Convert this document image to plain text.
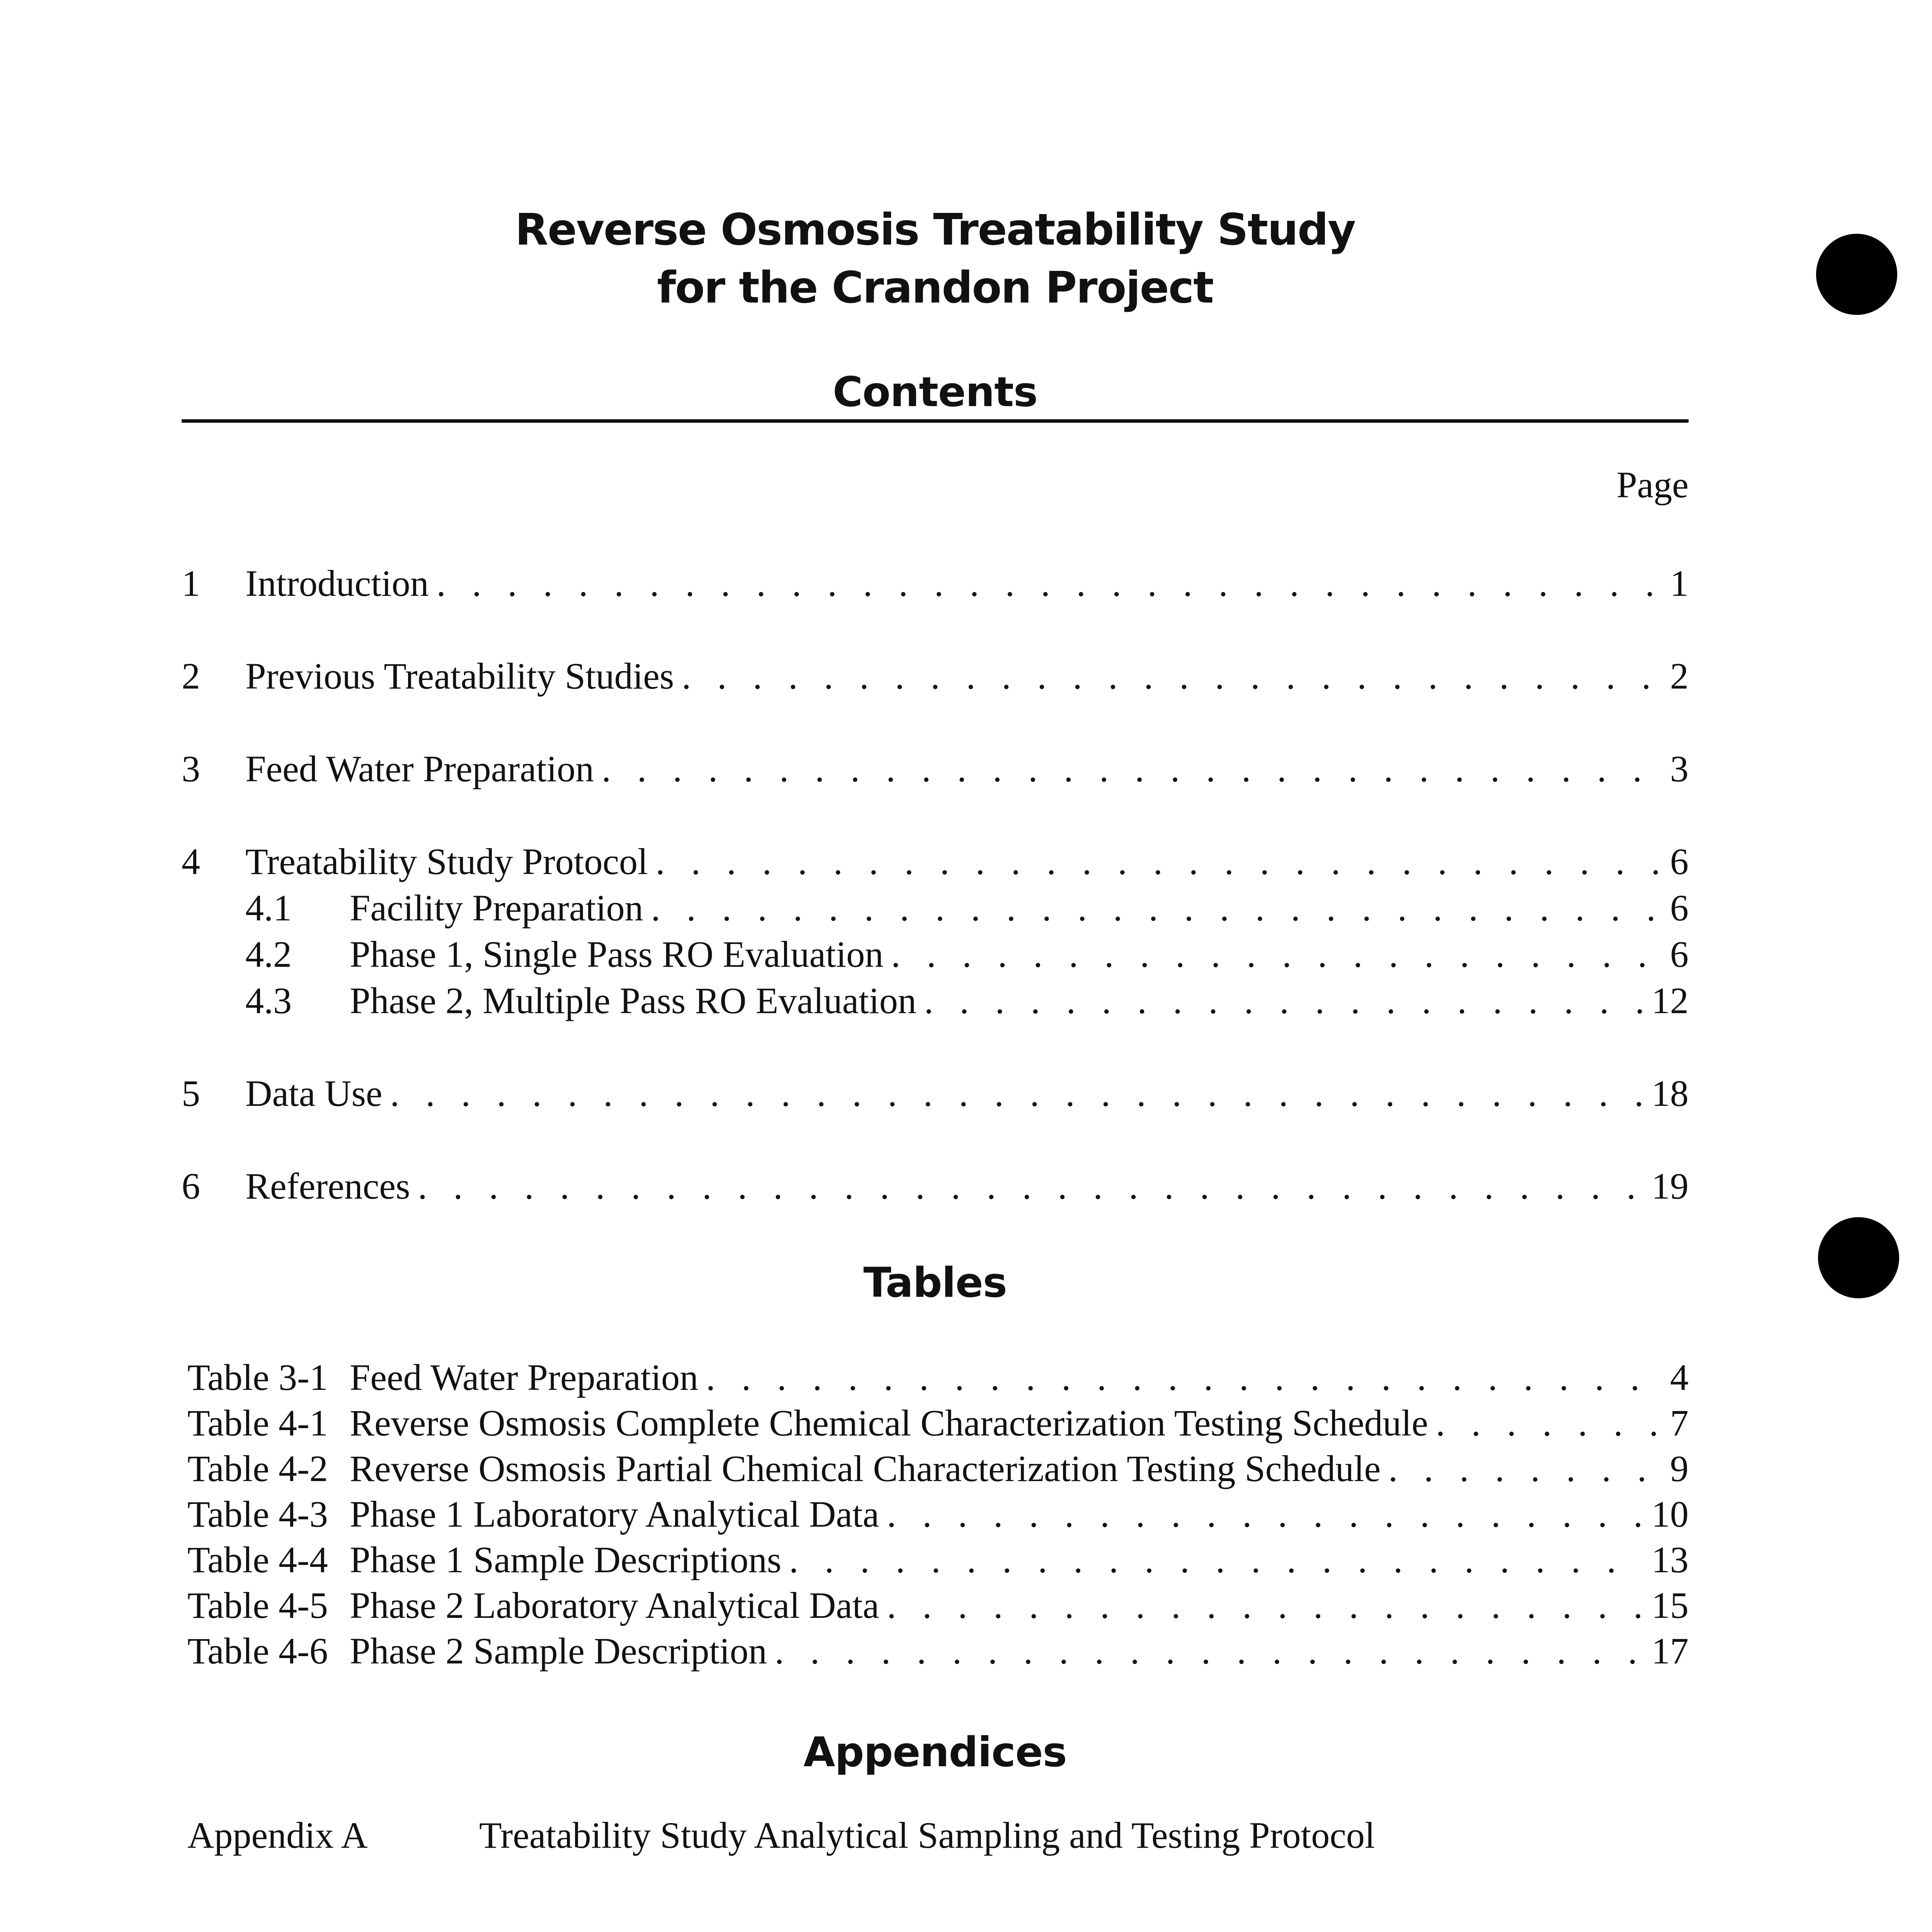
Reverse Osmosis Treatability Study
for the Crandon Project
Contents
Page
1	Introduction . . .	1
2	Previous Treatability Studies . . .	2
3	Feed Water Preparation . . .	3
4	Treatability Study Protocol . . .	6
4.1	Facility Preparation . . .	6
4.2	Phase 1, Single Pass RO Evaluation . . .	6
4.3	Phase 2, Multiple Pass RO Evaluation . . .	12
5	Data Use . . .	18
6	References . . .	19
Tables
Table 3-1 Feed Water Preparation . . .	4
Table 4-1 Reverse Osmosis Complete Chemical Characterization Testing Schedule . . .	7
Table 4-2 Reverse Osmosis Partial Chemical Characterization Testing Schedule . . .	9
Table 4-3 Phase 1 Laboratory Analytical Data . . .	10
Table 4-4 Phase 1 Sample Descriptions . . .	13
Table 4-5 Phase 2 Laboratory Analytical Data . . .	15
Table 4-6 Phase 2 Sample Description . . .	17
Appendices
Appendix A	Treatability Study Analytical Sampling and Testing Protocol
